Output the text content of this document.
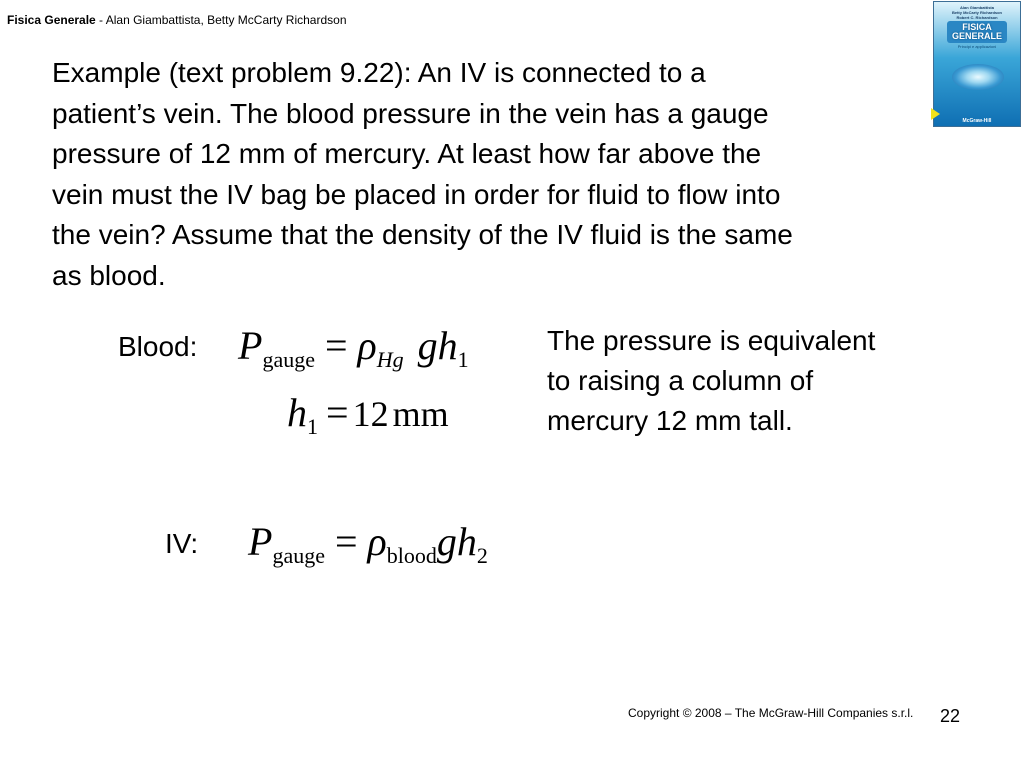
Fisica Generale - Alan Giambattista, Betty McCarty Richardson
Alan Giambattista
Betty McCarty Richardson
Robert C. Richardson
FISICA
GENERALE
Principi e applicazioni
McGraw-Hill
Example (text problem 9.22): An IV is connected to a
patient’s vein. The blood pressure in the vein has a gauge
pressure of 12 mm of mercury. At least how far above the
vein must the IV bag be placed in order for fluid to flow into
the vein? Assume that the density of the IV fluid is the same
as blood.
Blood: Pgauge = ρHg gh1
h1 = 12 mm
The pressure is equivalent
to raising a column of
mercury 12 mm tall.
IV: Pgauge = ρbloodgh2
Copyright © 2008 – The McGraw-Hill Companies s.r.l. 22
